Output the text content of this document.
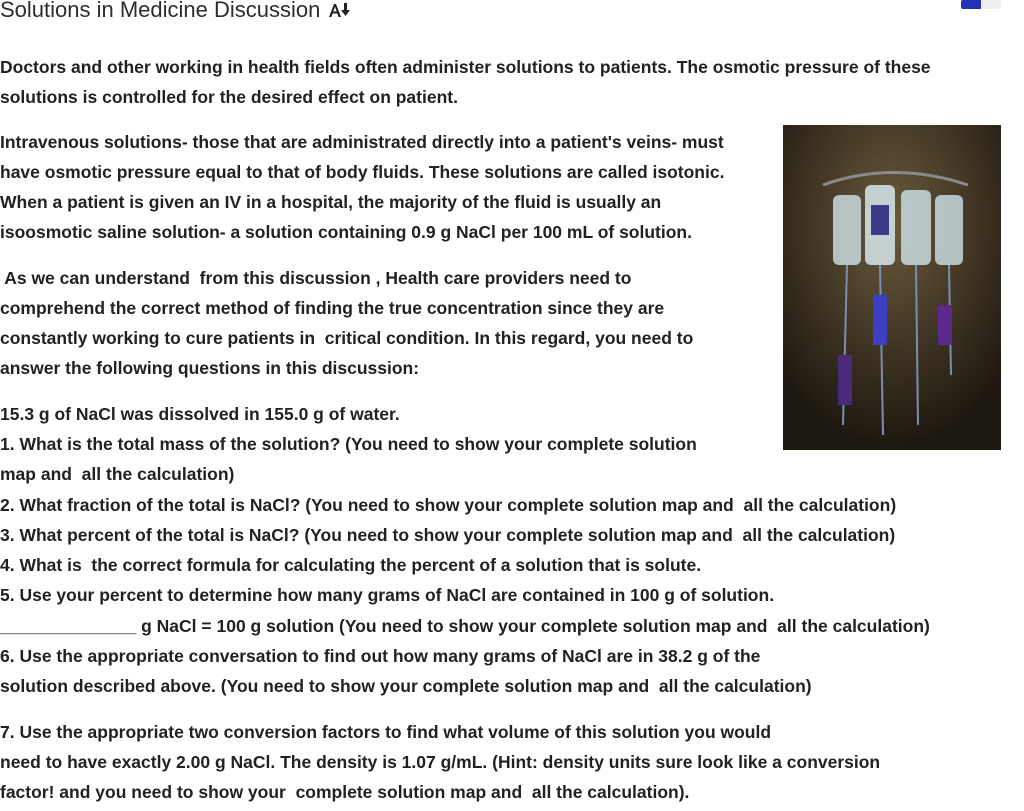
Solutions in Medicine Discussion
Doctors and other working in health fields often administer solutions to patients. The osmotic pressure of these
solutions is controlled for the desired effect on patient.
Intravenous solutions- those that are administrated directly into a patient's veins- must
have osmotic pressure equal to that of body fluids. These solutions are called isotonic.
When a patient is given an IV in a hospital, the majority of the fluid is usually an
isoosmotic saline solution- a solution containing 0.9 g NaCl per 100 mL of solution.
As we can understand  from this discussion , Health care providers need to
comprehend the correct method of finding the true concentration since they are
constantly working to cure patients in  critical condition. In this regard, you need to
answer the following questions in this discussion:
15.3 g of NaCl was dissolved in 155.0 g of water.
1. What is the total mass of the solution? (You need to show your complete solution
map and  all the calculation)
2. What fraction of the total is NaCl? (You need to show your complete solution map and  all the calculation)
3. What percent of the total is NaCl? (You need to show your complete solution map and  all the calculation)
4. What is  the correct formula for calculating the percent of a solution that is solute.
5. Use your percent to determine how many grams of NaCl are contained in 100 g of solution.
______________ g NaCl = 100 g solution (You need to show your complete solution map and  all the calculation)
6. Use the appropriate conversation to find out how many grams of NaCl are in 38.2 g of the
solution described above. (You need to show your complete solution map and  all the calculation)
7. Use the appropriate two conversion factors to find what volume of this solution you would
need to have exactly 2.00 g NaCl. The density is 1.07 g/mL. (Hint: density units sure look like a conversion
factor! and you need to show your  complete solution map and  all the calculation).
